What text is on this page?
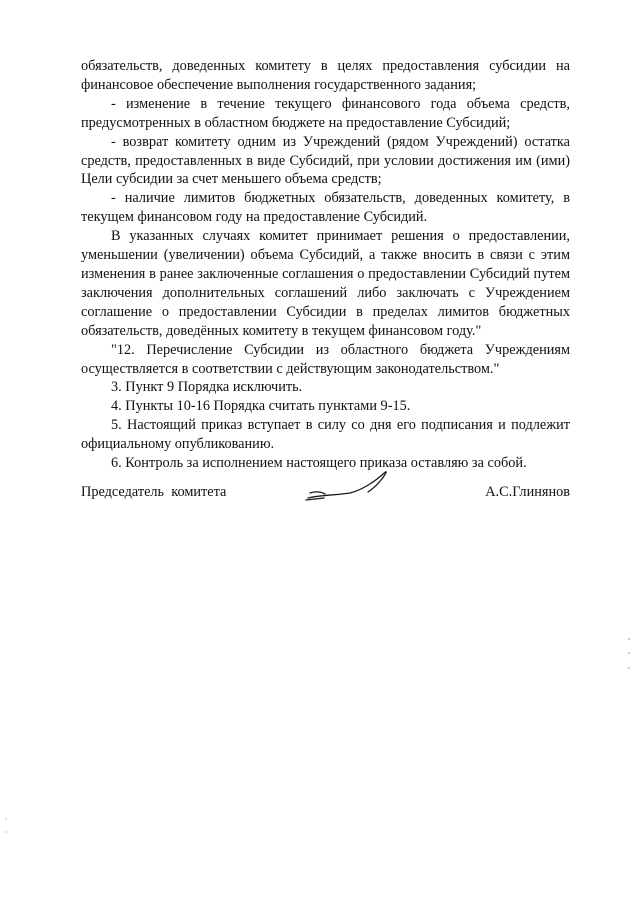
обязательств, доведенных комитету в целях предоставления субсидии на финансовое обеспечение выполнения государственного задания;

- изменение в течение текущего финансового года объема средств, предусмотренных в областном бюджете на предоставление Субсидий;

- возврат комитету одним из Учреждений (рядом Учреждений) остатка средств, предоставленных в виде Субсидий, при условии достижения им (ими) Цели субсидии за счет меньшего объема средств;

- наличие лимитов бюджетных обязательств, доведенных комитету, в текущем финансовом году на предоставление Субсидий.

В указанных случаях комитет принимает решения о предоставлении, уменьшении (увеличении) объема Субсидий, а также вносить в связи с этим изменения в ранее заключенные соглашения о предоставлении Субсидий путем заключения дополнительных соглашений либо заключать с Учреждением соглашение о предоставлении Субсидии в пределах лимитов бюджетных обязательств, доведённых комитету в текущем финансовом году."

"12. Перечисление Субсидии из областного бюджета Учреждениям осуществляется в соответствии с действующим законодательством."

3. Пункт 9 Порядка исключить.

4. Пункты 10-16 Порядка считать пунктами 9-15.

5. Настоящий приказ вступает в силу со дня его подписания и подлежит официальному опубликованию.

6. Контроль за исполнением настоящего приказа оставляю за собой.

Председатель  комитета	А.С.Глинянов
